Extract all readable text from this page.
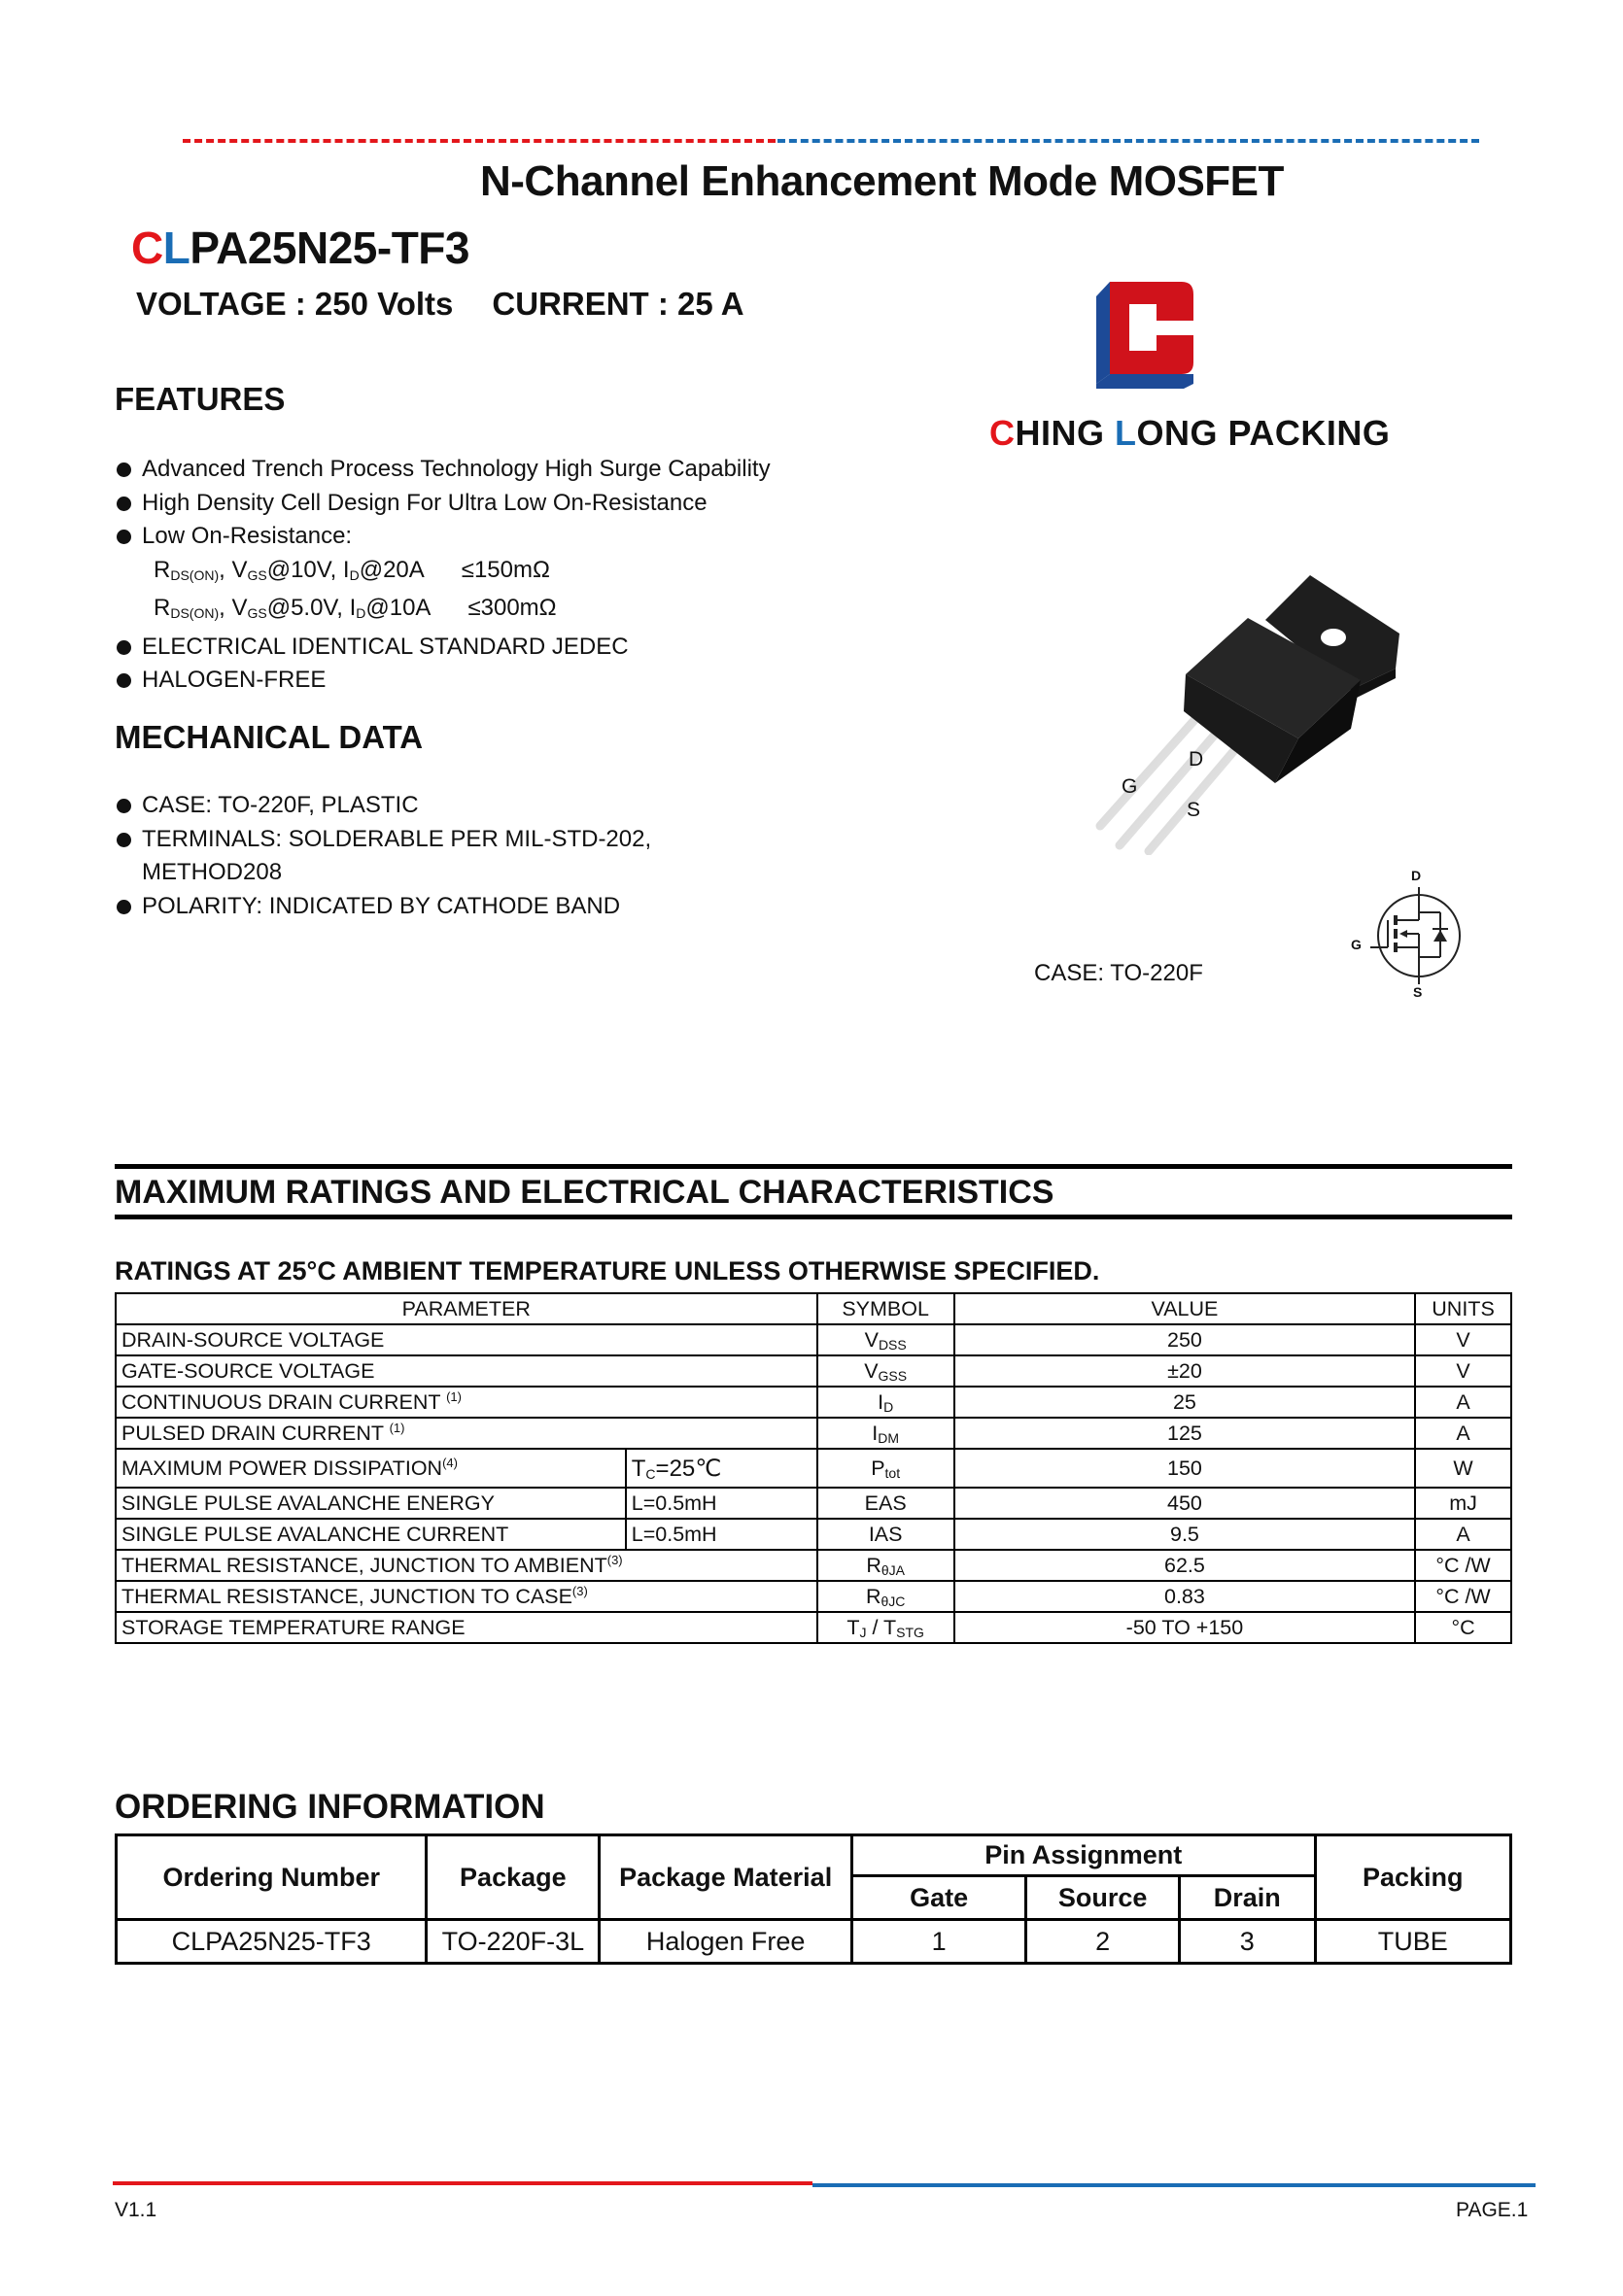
N-Channel Enhancement Mode MOSFET
CLPA25N25-TF3
VOLTAGE : 250 Volts CURRENT : 25 A
CHING LONG PACKING
FEATURES
Advanced Trench Process Technology High Surge Capability
High Density Cell Design For Ultra Low On-Resistance
Low On-Resistance:
$R_{DS(ON)}$, $V_{GS}@10V$, $I_D@20A \le 150m\Omega$
$R_{DS(ON)}$, $V_{GS}@5.0V$, $I_D@10A \le 300m\Omega$
ELECTRICAL IDENTICAL STANDARD JEDEC
HALOGEN-FREE
MECHANICAL DATA
CASE: TO-220F, PLASTIC
TERMINALS: SOLDERABLE PER MIL-STD-202,
METHOD208
POLARITY: INDICATED BY CATHODE BAND
G
D
S
CASE: TO-220F
D
G
S
MAXIMUM RATINGS AND ELECTRICAL CHARACTERISTICS
RATINGS AT 25°C AMBIENT TEMPERATURE UNLESS OTHERWISE SPECIFIED.
PARAMETER		SYMBOL	VALUE	UNITS
DRAIN-SOURCE VOLTAGE		$V_{DSS}$	250	V
GATE-SOURCE VOLTAGE		$V_{GSS}$	±20	V
CONTINUOUS DRAIN CURRENT $^{(1)}$		$I_D$	25	A
PULSED DRAIN CURRENT $^{(1)}$		$I_{DM}$	125	A
MAXIMUM POWER DISSIPATION$^{(4)}$	$T_C=25℃$	$P_{tot}$	150	W
SINGLE PULSE AVALANCHE ENERGY	L=0.5mH	EAS	450	mJ
SINGLE PULSE AVALANCHE CURRENT	L=0.5mH	IAS	9.5	A
THERMAL RESISTANCE, JUNCTION TO AMBIENT$^{(3)}$		$R_{\theta JA}$	62.5	°C /W
THERMAL RESISTANCE, JUNCTION TO CASE$^{(3)}$		$R_{\theta JC}$	0.83	°C /W
STORAGE TEMPERATURE RANGE		$T_J / T_{STG}$	-50 TO +150	°C
ORDERING INFORMATION
Ordering Number	Package	Package Material	Pin Assignment			Packing
			Gate	Source	Drain	
CLPA25N25-TF3	TO-220F-3L	Halogen Free	1	2	3	TUBE
V1.1	PAGE.1
